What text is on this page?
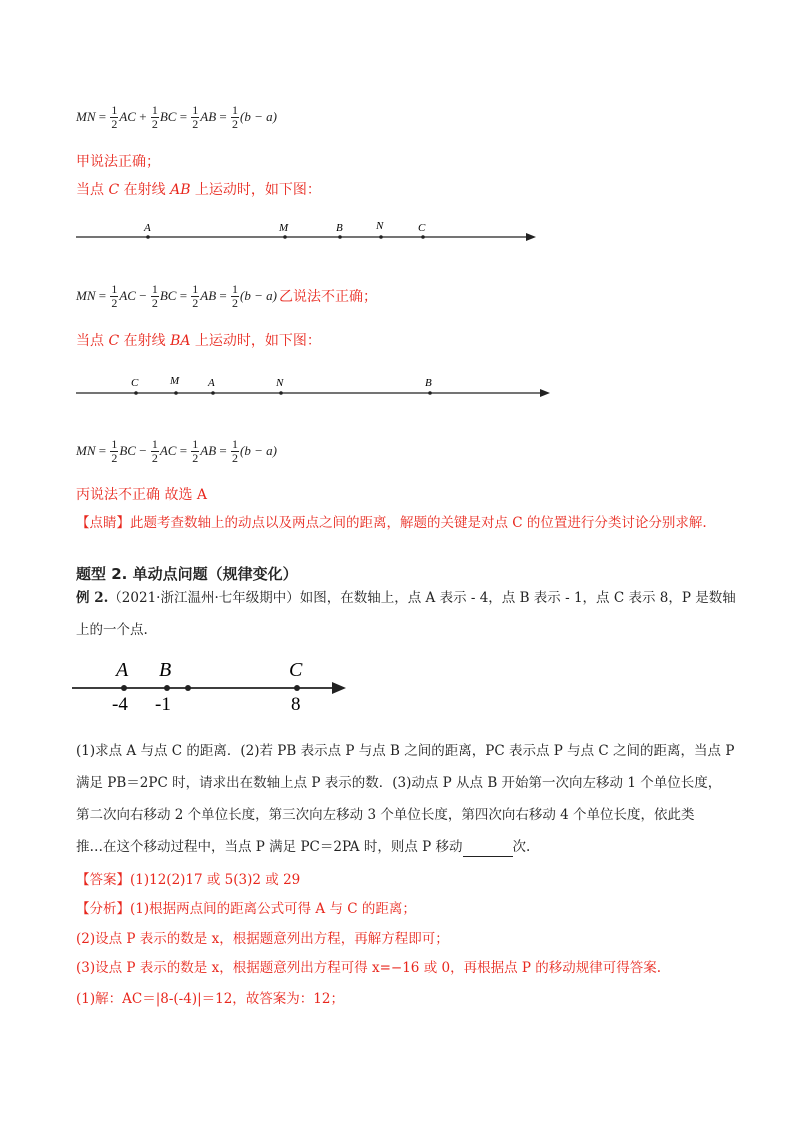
MN = $\frac{1}{2}$ AC + $\frac{1}{2}$ BC = $\frac{1}{2}$ AB = $\frac{1}{2} (b - a)$
甲说法正确；
当点 C 在射线 AB 上运动时，如下图：
A	M	B	N	C
MN = $\frac{1}{2}$ AC − $\frac{1}{2}$ BC = $\frac{1}{2}$ AB = $\frac{1}{2} (b - a)$ 乙说法不正确；
当点 C 在射线 BA 上运动时，如下图：
C	M	A	N	B
MN = $\frac{1}{2}$ BC − $\frac{1}{2}$ AC = $\frac{1}{2}$ AB = $\frac{1}{2} (b - a)$
丙说法不正确 故选 A
【点睛】此题考查数轴上的动点以及两点之间的距离，解题的关键是对点 C 的位置进行分类讨论分别求解.
题型 2. 单动点问题（规律变化）
例 2.（2021·浙江温州·七年级期中）如图，在数轴上，点 A 表示 - 4，点 B 表示 - 1，点 C 表示 8，P 是数轴
上的一个点.
A B	C
-4 -1	8
(1)求点 A 与点 C 的距离．(2)若 PB 表示点 P 与点 B 之间的距离，PC 表示点 P 与点 C 之间的距离，当点 P
满足 PB＝2PC 时，请求出在数轴上点 P 表示的数．(3)动点 P 从点 B 开始第一次向左移动 1 个单位长度，
第二次向右移动 2 个单位长度，第三次向左移动 3 个单位长度，第四次向右移动 4 个单位长度，依此类
推…在这个移动过程中，当点 P 满足 PC＝2PA 时，则点 P 移动	次.
【答案】(1)12(2)17 或 5(3)2 或 29
【分析】(1)根据两点间的距离公式可得 A 与 C 的距离；
(2)设点 P 表示的数是 x，根据题意列出方程，再解方程即可；
(3)设点 P 表示的数是 x，根据题意列出方程可得 x=−16 或 0，再根据点 P 的移动规律可得答案.
(1)解：AC＝|8-(-4)|＝12，故答案为：12；
